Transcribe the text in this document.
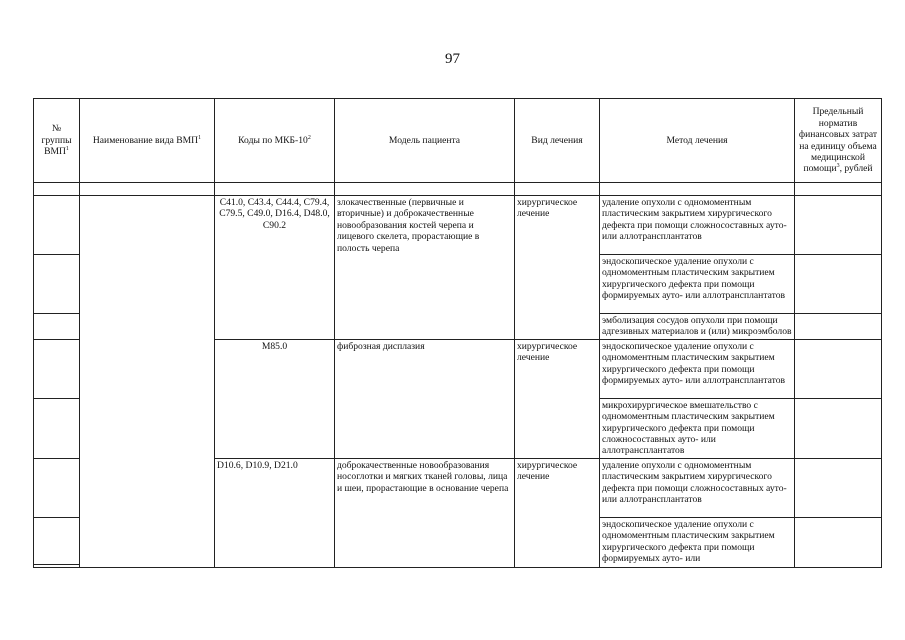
97
№ группы ВМП$^1$	Наименование вида ВМП$^1$	Коды по МКБ-$10^2$	Модель пациента	Вид лечения	Метод лечения	Предельный норматив финансовых затрат на единицу объема медицинской помощи$^3$, рублей

		C41.0, C43.4, C44.4, C79.4, C79.5, C49.0, D16.4, D48.0, C90.2	злокачественные (первичные и вторичные) и доброкачественные новообразования костей черепа и лицевого скелета, прорастающие в полость черепа	хирургическое лечение	удаление опухоли с одномоментным пластическим закрытием хирургического дефекта при помощи сложносоставных ауто- или аллотрансплантатов	
					эндоскопическое удаление опухоли с одномоментным пластическим закрытием хирургического дефекта при помощи формируемых ауто- или аллотрансплантатов	
					эмболизация сосудов опухоли при помощи адгезивных материалов и (или) микроэмболов	
		M85.0	фиброзная дисплазия	хирургическое лечение	эндоскопическое удаление опухоли с одномоментным пластическим закрытием хирургического дефекта при помощи формируемых ауто- или аллотрансплантатов	
					микрохирургическое вмешательство с одномоментным пластическим закрытием хирургического дефекта при помощи сложносоставных ауто- или аллотрансплантатов	
		D10.6, D10.9, D21.0	доброкачественные новообразования носоглотки и мягких тканей головы, лица и шеи, прорастающие в основание черепа	хирургическое лечение	удаление опухоли с одномоментным пластическим закрытием хирургического дефекта при помощи сложносоставных ауто- или аллотрансплантатов	
					эндоскопическое удаление опухоли с одномоментным пластическим закрытием хирургического дефекта при помощи формируемых ауто- или	
